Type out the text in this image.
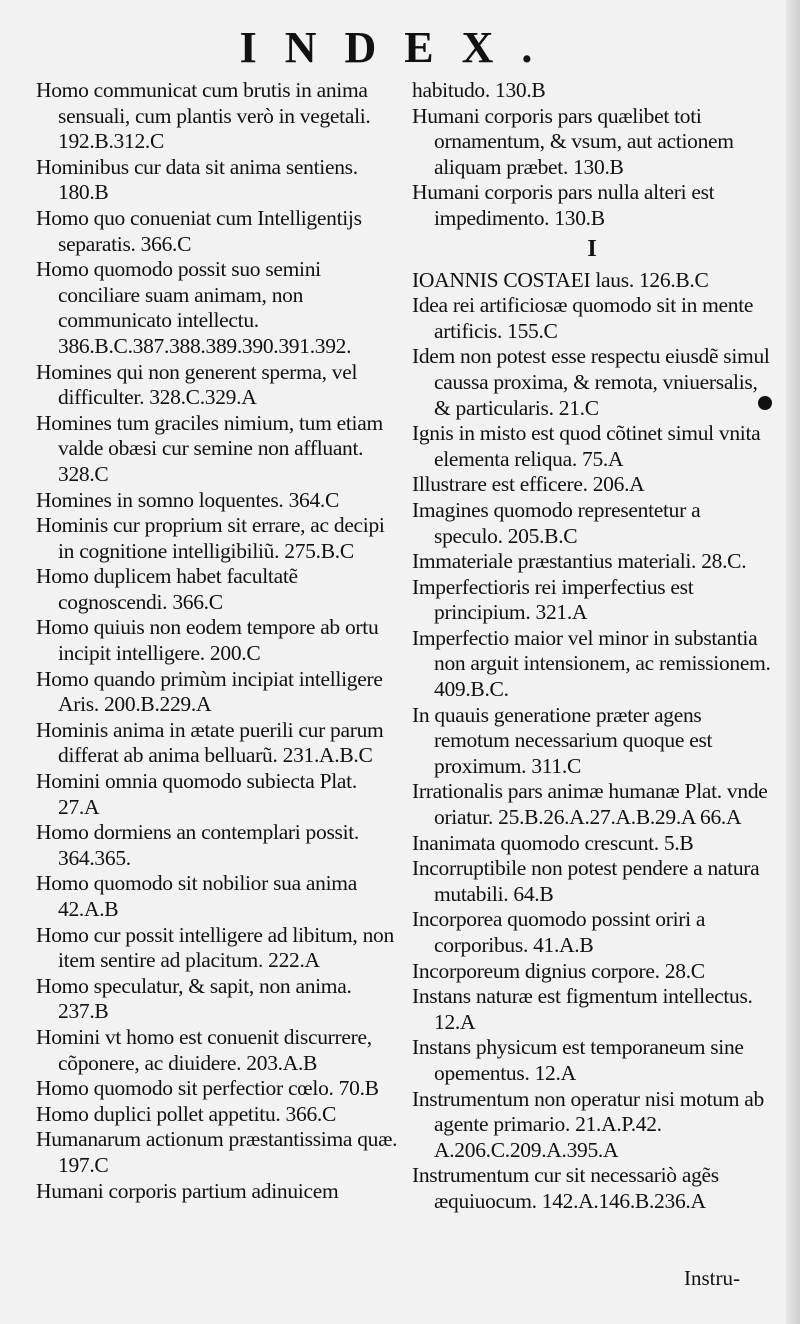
INDEX.

Homo communicat cum brutis in anima sensuali, cum plantis verò in vegetali. 192.B.312.C

Hominibus cur data sit anima sentiens. 180.B

Homo quo conueniat cum Intelligentijs separatis. 366.C

Homo quomodo possit suo semini conciliare suam animam, non communicato intellectu. 386.B.C.387.388.389.390.391.392.

Homines qui non generent sperma, vel difficulter. 328.C.329.A

Homines tum graciles nimium, tum etiam valde obæsi cur semine non affluant. 328.C

Homines in somno loquentes. 364.C

Hominis cur proprium sit errare, ac decipi in cognitione intelligibiliũ. 275.B.C

Homo duplicem habet facultatẽ cognoscendi. 366.C

Homo quiuis non eodem tempore ab ortu incipit intelligere. 200.C

Homo quando primùm incipiat intelligere Aris. 200.B.229.A

Hominis anima in ætate puerili cur parum differat ab anima belluarũ. 231.A.B.C

Homini omnia quomodo subiecta Plat. 27.A

Homo dormiens an contemplari possit. 364.365.

Homo quomodo sit nobilior sua anima 42.A.B

Homo cur possit intelligere ad libitum, non item sentire ad placitum. 222.A

Homo speculatur, & sapit, non anima. 237.B

Homini vt homo est conuenit discurrere, cõponere, ac diuidere. 203.A.B

Homo quomodo sit perfectior cœlo. 70.B

Homo duplici pollet appetitu. 366.C

Humanarum actionum præstantissima quæ. 197.C

Humani corporis partium adinuicem

habitudo. 130.B

Humani corporis pars quælibet toti ornamentum, & vsum, aut actionem aliquam præbet. 130.B

Humani corporis pars nulla alteri est impedimento. 130.B

I

IOANNIS COSTAEI laus. 126.B.C

Idea rei artificiosæ quomodo sit in mente artificis. 155.C

Idem non potest esse respectu eiusdẽ simul caussa proxima, & remota, vniuersalis, & particularis. 21.C

Ignis in misto est quod cõtinet simul vnita elementa reliqua. 75.A

Illustrare est efficere. 206.A

Imagines quomodo representetur a speculo. 205.B.C

Immateriale præstantius materiali. 28.C.

Imperfectioris rei imperfectius est principium. 321.A

Imperfectio maior vel minor in substantia non arguit intensionem, ac remissionem. 409.B.C.

In quauis generatione præter agens remotum necessarium quoque est proximum. 311.C

Irrationalis pars animæ humanæ Plat. vnde oriatur. 25.B.26.A.27.A.B.29.A 66.A

Inanimata quomodo crescunt. 5.B

Incorruptibile non potest pendere a natura mutabili. 64.B

Incorporea quomodo possint oriri a corporibus. 41.A.B

Incorporeum dignius corpore. 28.C

Instans naturæ est figmentum intellectus. 12.A

Instans physicum est temporaneum sine opementus. 12.A

Instrumentum non operatur nisi motum ab agente primario. 21.A.P.42. A.206.C.209.A.395.A

Instrumentum cur sit necessariò agẽs æquiuocum. 142.A.146.B.236.A

Instru-
